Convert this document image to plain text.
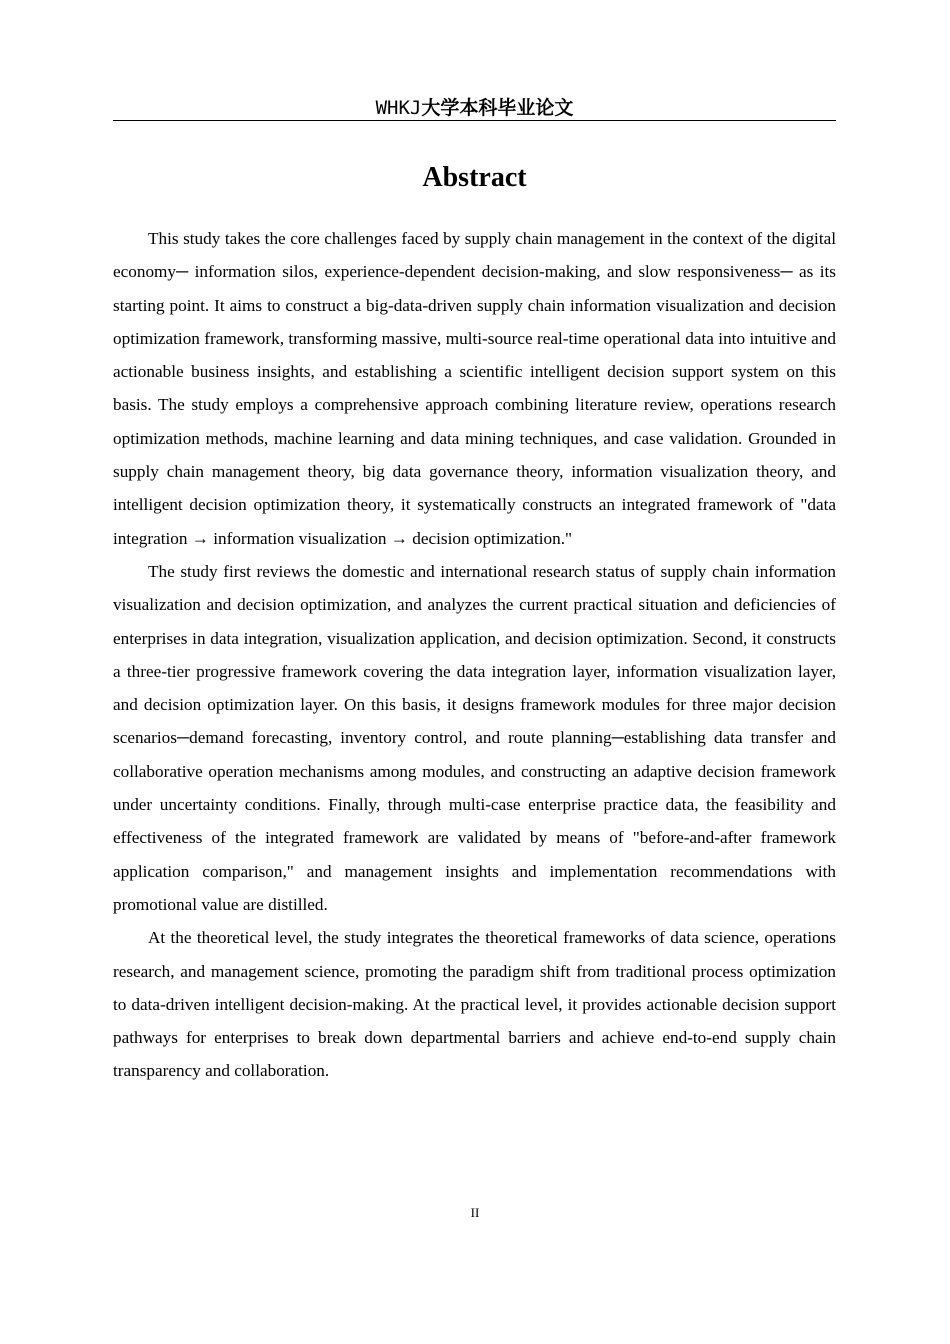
WHKJ大学本科毕业论文
Abstract

This study takes the core challenges faced by supply chain management in the context of the digital economy─ information silos, experience-dependent decision-making, and slow responsiveness─ as its starting point. It aims to construct a big-data-driven supply chain information visualization and decision optimization framework, transforming massive, multi-source real-time operational data into intuitive and actionable business insights, and establishing a scientific intelligent decision support system on this basis. The study employs a comprehensive approach combining literature review, operations research optimization methods, machine learning and data mining techniques, and case validation. Grounded in supply chain management theory, big data governance theory, information visualization theory, and intelligent decision optimization theory, it systematically constructs an integrated framework of "data integration → information visualization → decision optimization."

The study first reviews the domestic and international research status of supply chain information visualization and decision optimization, and analyzes the current practical situation and deficiencies of enterprises in data integration, visualization application, and decision optimization. Second, it constructs a three-tier progressive framework covering the data integration layer, information visualization layer, and decision optimization layer. On this basis, it designs framework modules for three major decision scenarios─demand forecasting, inventory control, and route planning─establishing data transfer and collaborative operation mechanisms among modules, and constructing an adaptive decision framework under uncertainty conditions. Finally, through multi-case enterprise practice data, the feasibility and effectiveness of the integrated framework are validated by means of "before-and-after framework application comparison," and management insights and implementation recommendations with promotional value are distilled.

At the theoretical level, the study integrates the theoretical frameworks of data science, operations research, and management science, promoting the paradigm shift from traditional process optimization to data-driven intelligent decision-making. At the practical level, it provides actionable decision support pathways for enterprises to break down departmental barriers and achieve end-to-end supply chain transparency and collaboration.

II
